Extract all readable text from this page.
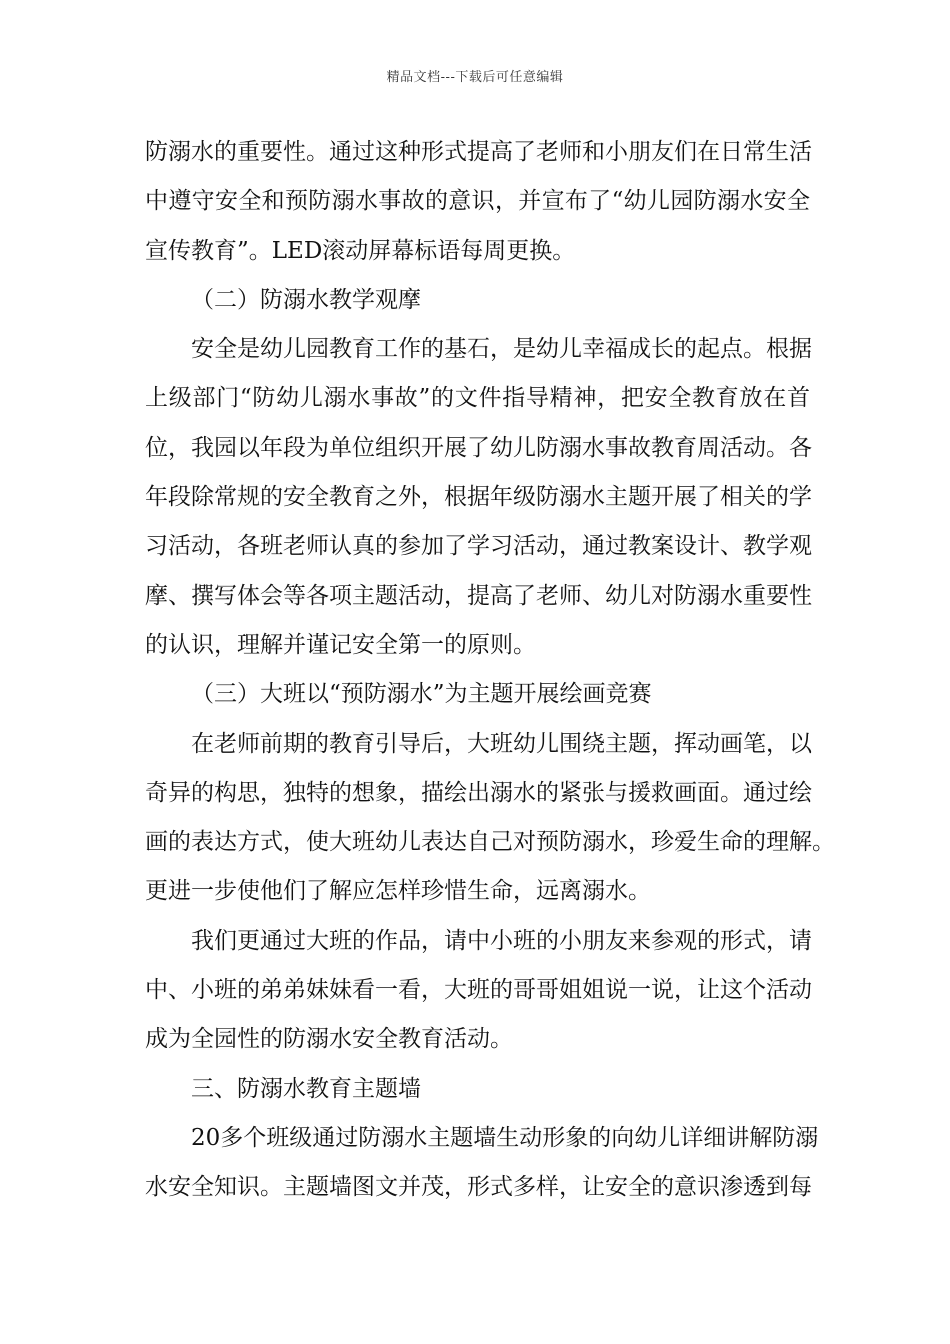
精品文档---下载后可任意编辑
防溺水的重要性。通过这种形式提高了老师和小朋友们在日常生活
中遵守安全和预防溺水事故的意识，并宣布了“幼儿园防溺水安全
宣传教育”。LED滚动屏幕标语每周更换。
（二）防溺水教学观摩
安全是幼儿园教育工作的基石，是幼儿幸福成长的起点。根据
上级部门“防幼儿溺水事故”的文件指导精神，把安全教育放在首
位，我园以年段为单位组织开展了幼儿防溺水事故教育周活动。各
年段除常规的安全教育之外，根据年级防溺水主题开展了相关的学
习活动，各班老师认真的参加了学习活动，通过教案设计、教学观
摩、撰写体会等各项主题活动，提高了老师、幼儿对防溺水重要性
的认识，理解并谨记安全第一的原则。
（三）大班以“预防溺水”为主题开展绘画竞赛
在老师前期的教育引导后，大班幼儿围绕主题，挥动画笔，以
奇异的构思，独特的想象，描绘出溺水的紧张与援救画面。通过绘
画的表达方式，使大班幼儿表达自己对预防溺水，珍爱生命的理解。
更进一步使他们了解应怎样珍惜生命，远离溺水。
我们更通过大班的作品，请中小班的小朋友来参观的形式，请
中、小班的弟弟妹妹看一看，大班的哥哥姐姐说一说，让这个活动
成为全园性的防溺水安全教育活动。
三、防溺水教育主题墙
20多个班级通过防溺水主题墙生动形象的向幼儿详细讲解防溺
水安全知识。主题墙图文并茂，形式多样，让安全的意识渗透到每
